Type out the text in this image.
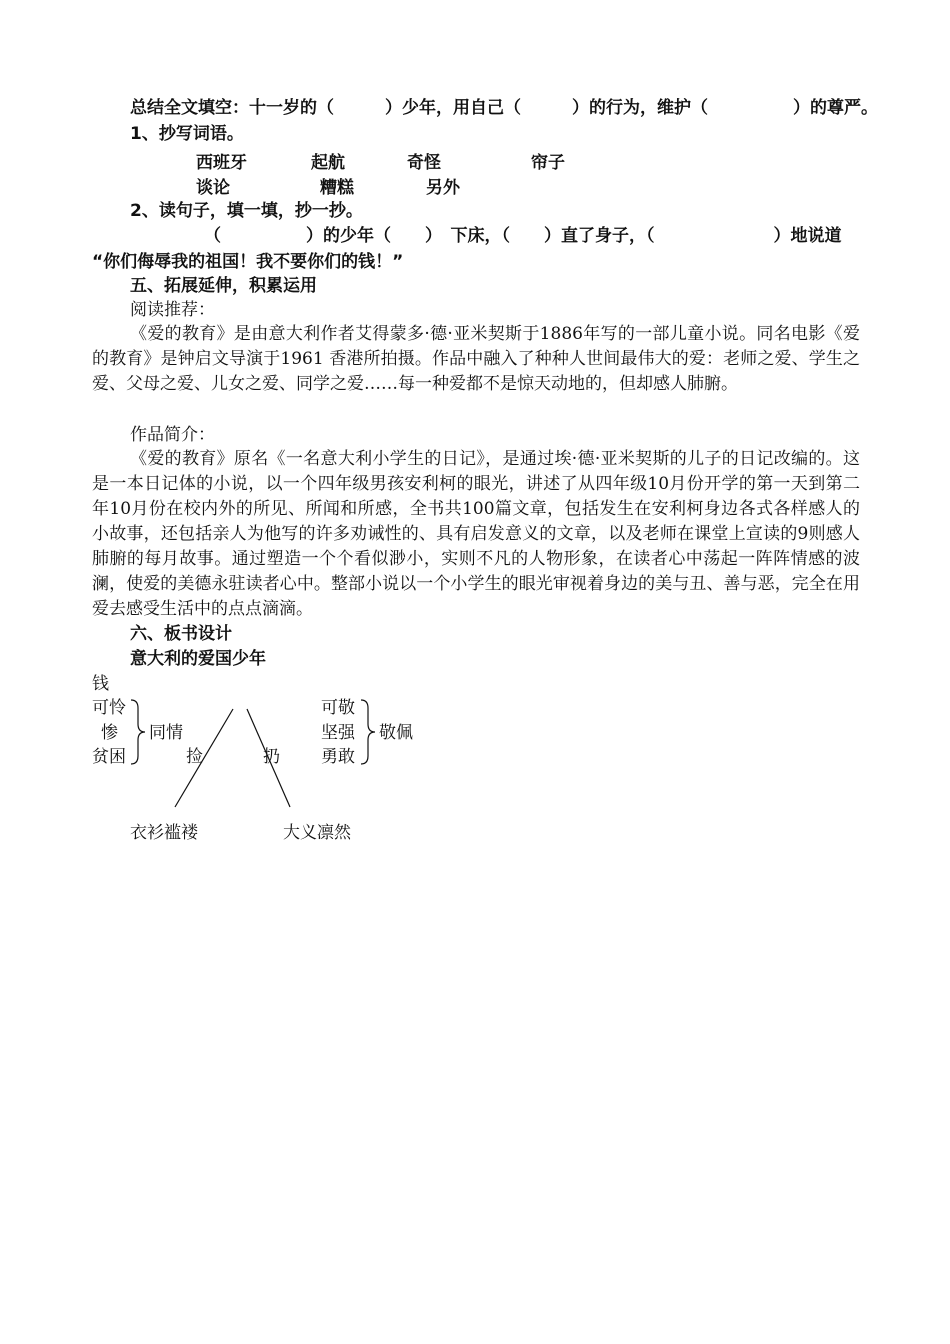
总结全文填空：十一岁的（　　　）少年，用自己（　　　）的行为，维护（　　　　　）的尊严。
1、抄写词语。
西班牙	起航	奇怪	帘子
谈论	糟糕	另外
2、读句子，填一填，抄一抄。
（　　　　　）的少年（　　）　下床，（　　）直了身子，（　　　　　　　）地说道
“你们侮辱我的祖国！我不要你们的钱！”
五、拓展延伸，积累运用
阅读推荐：
《爱的教育》是由意大利作者艾得蒙多·德·亚米契斯于1886年写的一部儿童小说。同名电影《爱的教育》是钟启文导演于1961 香港所拍摄。作品中融入了种种人世间最伟大的爱：老师之爱、学生之爱、父母之爱、儿女之爱、同学之爱……每一种爱都不是惊天动地的，但却感人肺腑。
作品简介：
《爱的教育》原名《一名意大利小学生的日记》，是通过埃·德·亚米契斯的儿子的日记改编的。这是一本日记体的小说，以一个四年级男孩安利柯的眼光，讲述了从四年级10月份开学的第一天到第二年10月份在校内外的所见、所闻和所感，全书共100篇文章，包括发生在安利柯身边各式各样感人的小故事，还包括亲人为他写的许多劝诫性的、具有启发意义的文章，以及老师在课堂上宣读的9则感人肺腑的每月故事。通过塑造一个个看似渺小，实则不凡的人物形象，在读者心中荡起一阵阵情感的波澜，使爱的美德永驻读者心中。整部小说以一个小学生的眼光审视着身边的美与丑、善与恶，完全在用爱去感受生活中的点点滴滴。
六、板书设计
意大利的爱国少年
钱
可怜
惨
贫困
同情
捡	扔
可敬
坚强
勇敢
敬佩
衣衫褴褛	大义凛然
